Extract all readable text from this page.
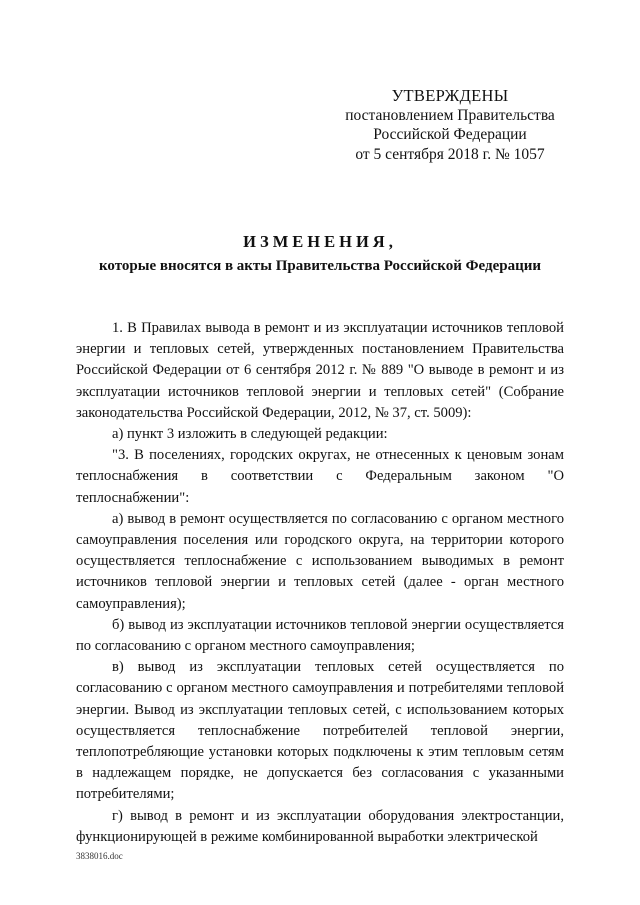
УТВЕРЖДЕНЫ
постановлением Правительства
Российской Федерации
от 5 сентября 2018 г. № 1057
ИЗМЕНЕНИЯ,
которые вносятся в акты Правительства Российской Федерации

1. В Правилах вывода в ремонт и из эксплуатации источников тепловой энергии и тепловых сетей, утвержденных постановлением Правительства Российской Федерации от 6 сентября 2012 г. № 889 "О выводе в ремонт и из эксплуатации источников тепловой энергии и тепловых сетей" (Собрание законодательства Российской Федерации, 2012, № 37, ст. 5009):

а) пункт 3 изложить в следующей редакции:

"3. В поселениях, городских округах, не отнесенных к ценовым зонам теплоснабжения в соответствии с Федеральным законом "О теплоснабжении":

а) вывод в ремонт осуществляется по согласованию с органом местного самоуправления поселения или городского округа, на территории которого осуществляется теплоснабжение с использованием выводимых в ремонт источников тепловой энергии и тепловых сетей (далее - орган местного самоуправления);

б) вывод из эксплуатации источников тепловой энергии осуществляется по согласованию с органом местного самоуправления;

в) вывод из эксплуатации тепловых сетей осуществляется по согласованию с органом местного самоуправления и потребителями тепловой энергии. Вывод из эксплуатации тепловых сетей, с использованием которых осуществляется теплоснабжение потребителей тепловой энергии, теплопотребляющие установки которых подключены к этим тепловым сетям в надлежащем порядке, не допускается без согласования с указанными потребителями;

г) вывод в ремонт и из эксплуатации оборудования электростанции, функционирующей в режиме комбинированной выработки электрической

3838016.doc
